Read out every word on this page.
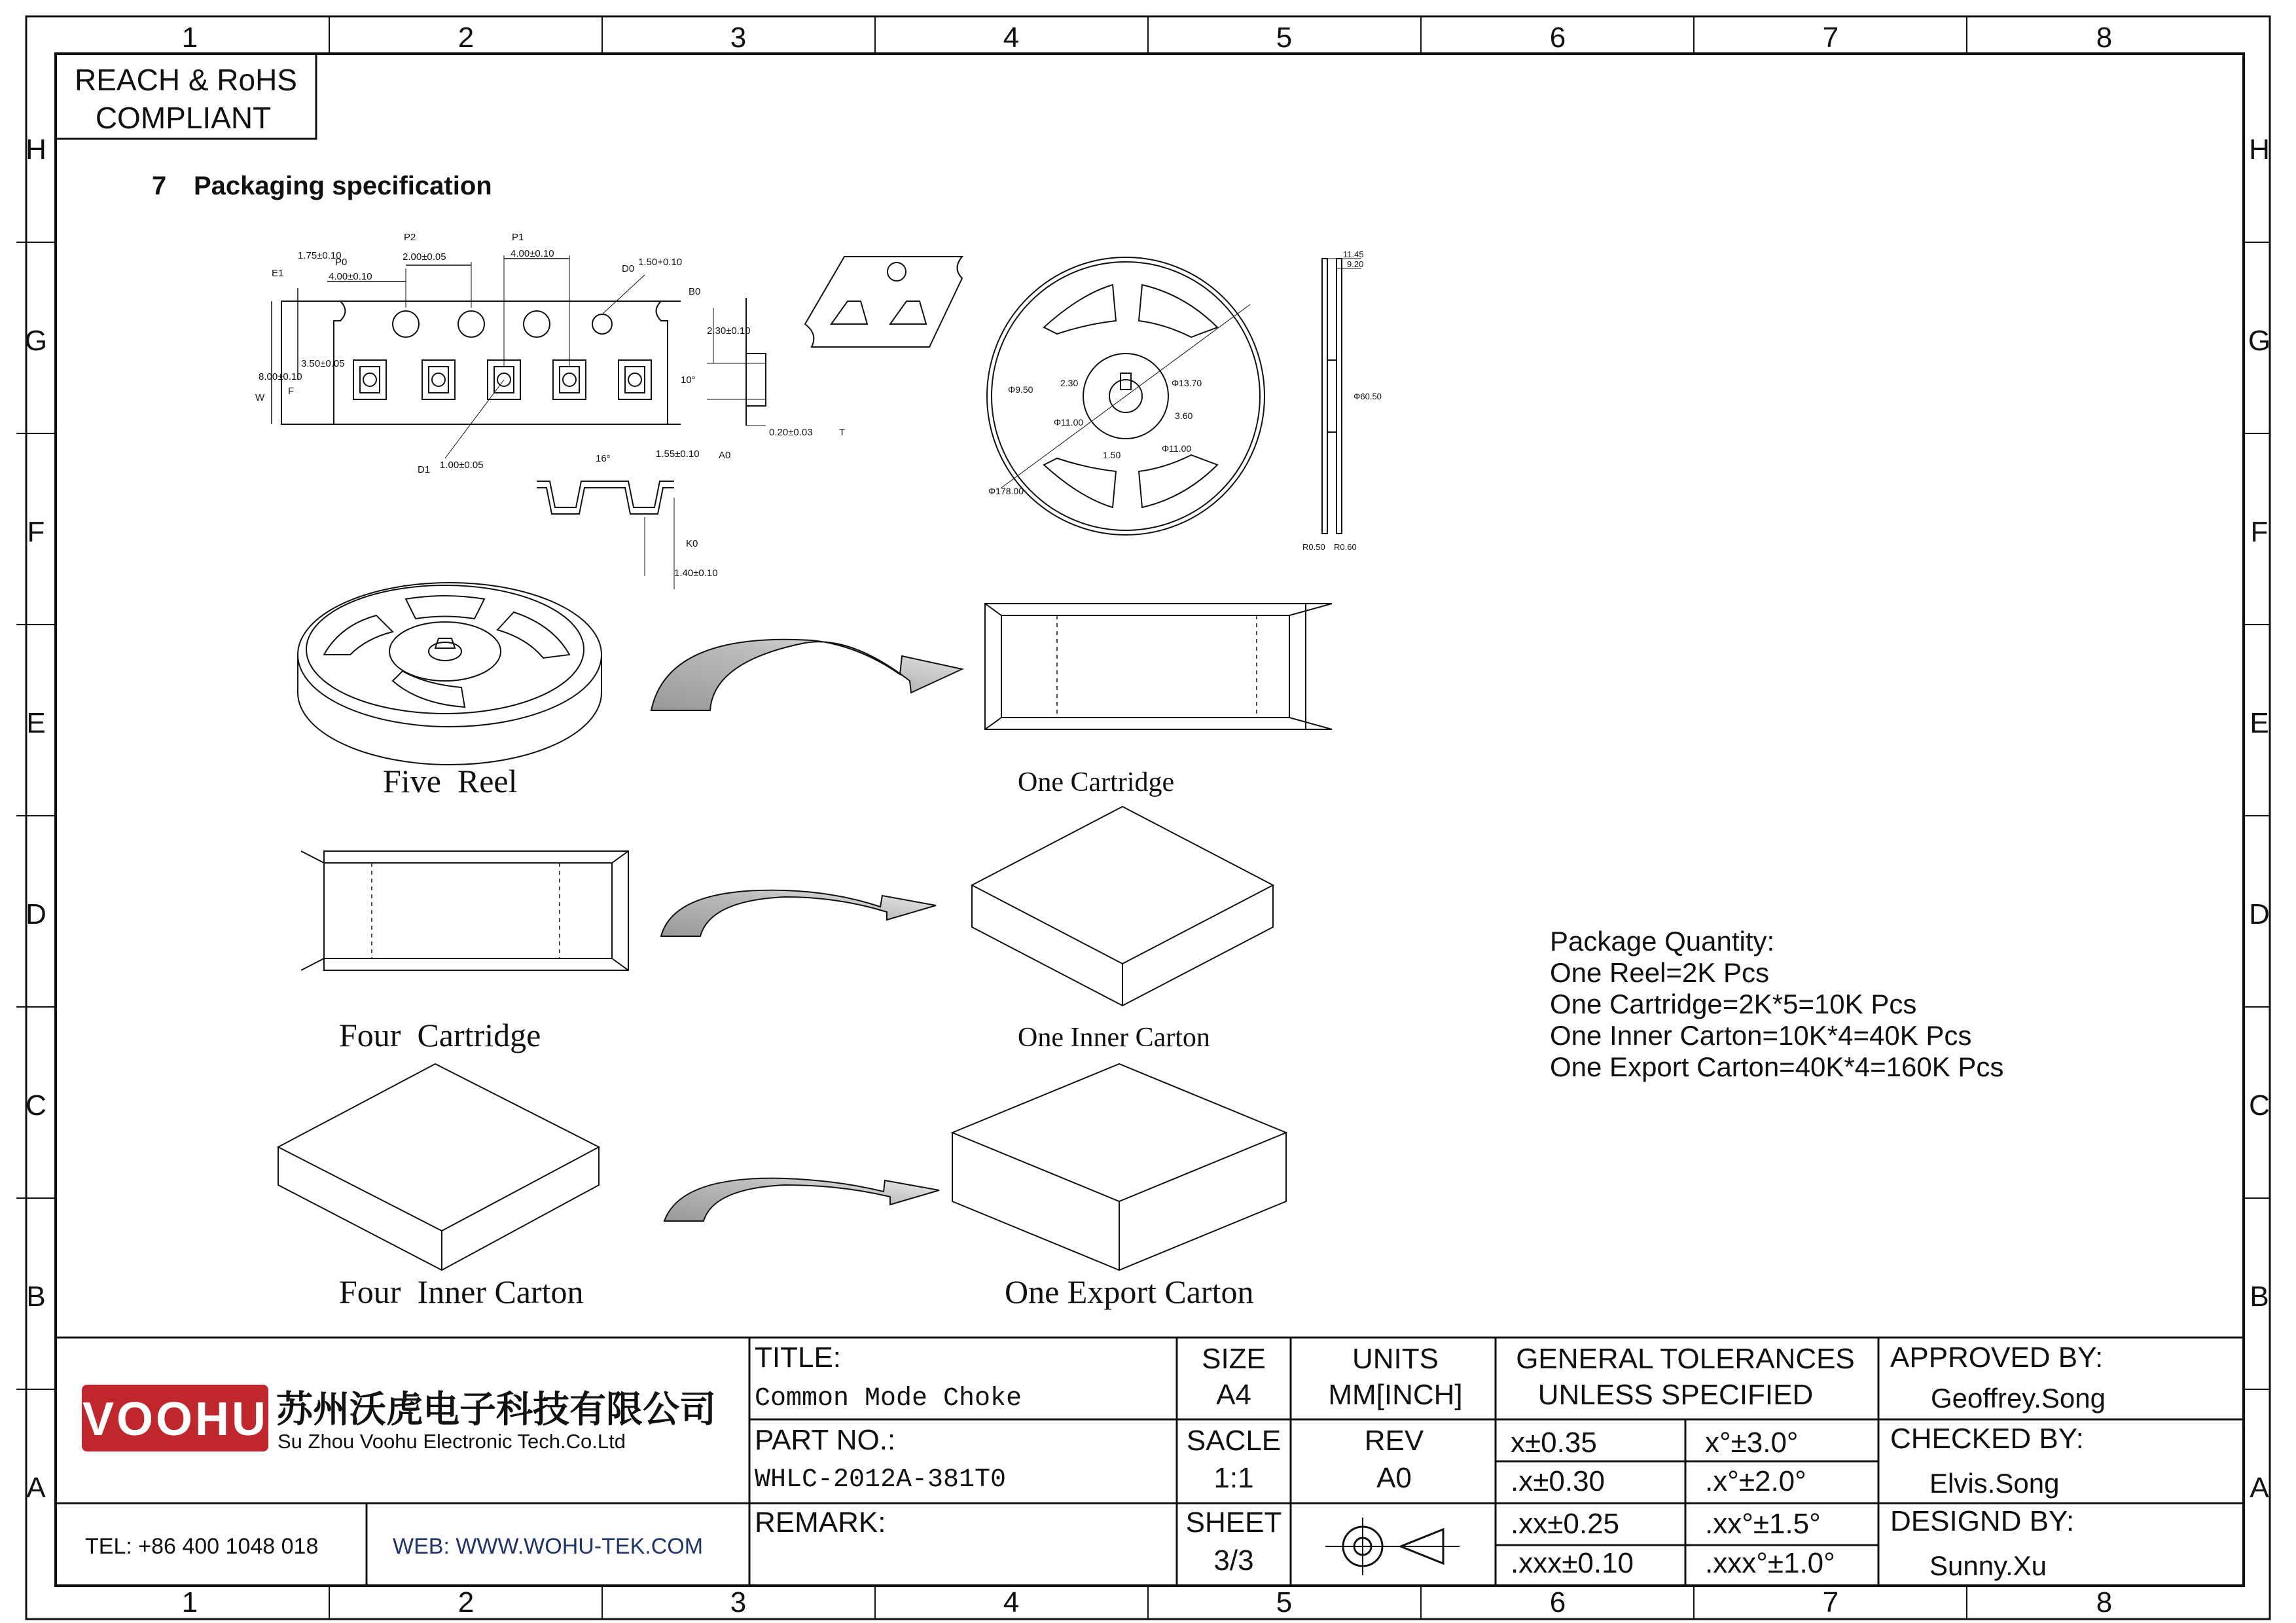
1	2	3	4	5	6	7	8
1	2	3	4	5	6	7	8
H
G
F
E
D
C
B
A
H
G
F
E
D
C
B
A
REACH & RoHS
COMPLIANT
7 Packaging specification
E1
1.75±0.10
P0
4.00±0.10
P2
2.00±0.05
P1
4.00±0.10
D0
1.50+0.10
W
8.00±0.10
F
3.50±0.05
D1 1.00±0.05
B0
2.30±0.10
10°
0.20±0.03	T
16°	1.55±0.10 A0
1.40±0.10
K0
Φ178.00
Φ9.50
Φ13.70
Φ11.00
Φ11.00
2.30
1.50
3.60
11.45
9.20
Φ60.50
R0.50 R0.60
Five  Reel	One Cartridge
Four  Cartridge	One Inner Carton
Four  Inner Carton	One Export Carton
Package Quantity:
One Reel=2K Pcs
One Cartridge=2K*5=10K Pcs
One Inner Carton=10K*4=40K Pcs
One Export Carton=40K*4=160K Pcs
VOOHU 苏州沃虎电子科技有限公司
Su Zhou Voohu Electronic Tech.Co.Ltd
TEL: +86 400 1048 018	WEB: WWW.WOHU-TEK.COM
TITLE:
Common Mode Choke
PART NO.:
WHLC-2012A-381T0
REMARK:
SIZE
A4
SACLE
1:1
SHEET
3/3
UNITS
MM[INCH]
REV
A0
GENERAL TOLERANCES
UNLESS SPECIFIED
x±0.35	x°±3.0°
.x±0.30	.x°±2.0°
.xx±0.25	.xx°±1.5°
.xxx±0.10 .xxx°±1.0°
APPROVED BY:
Geoffrey.Song
CHECKED BY:
Elvis.Song
DESIGND BY:
Sunny.Xu
